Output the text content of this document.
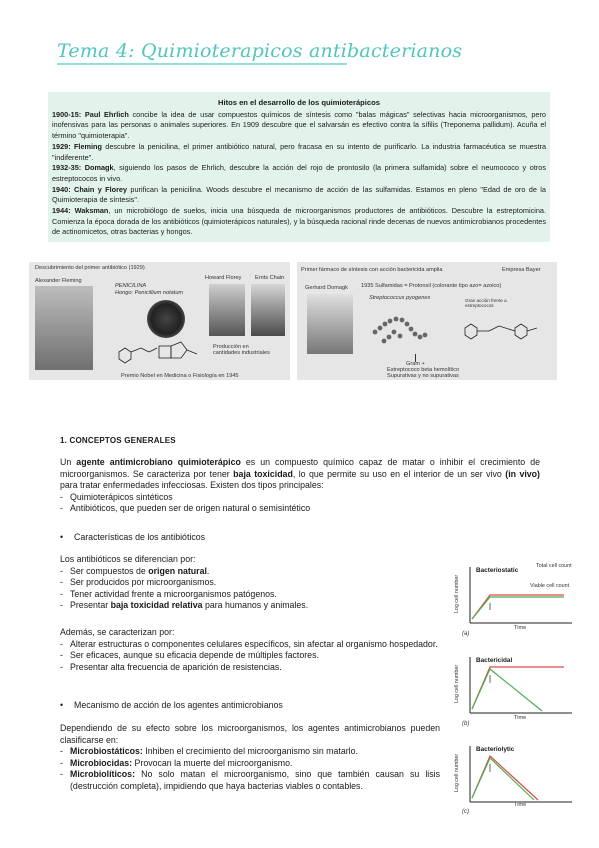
Tema 4: Quimioterapicos antibacterianos
Hitos en el desarrollo de los quimioterápicos

1900-15: Paul Ehrlich concibe la idea de usar compuestos químicos de síntesis como "balas mágicas" selectivas hacia microorganismos, pero inofensivas para las personas o animales superiores. En 1909 descubre que el salvarsán es efectivo contra la sífilis (Treponema pallidum). Acuña el término "quimioterapia".

1929: Fleming descubre la penicilina, el primer antibiótico natural, pero fracasa en su intento de purificarlo. La industria farmacéutica se muestra "indiferente".

1932-35: Domagk, siguiendo los pasos de Ehrlich, descubre la acción del rojo de prontosilo (la primera sulfamida) sobre el neumococo y otros estreptococos in vivo.

1940: Chain y Florey purifican la penicilina. Woods descubre el mecanismo de acción de las sulfamidas. Estamos en pleno "Edad de oro de la Quimioterapia de síntesis".

1944: Waksman, un microbiólogo de suelos, inicia una búsqueda de microorganismos productores de antibióticos. Descubre la estreptomicina. Comienza la época dorada de los antibióticos (quimioterápicos naturales), y la búsqueda racional rinde decenas de nuevos antimicrobianos procedentes de actinomicetos, otras bacterias y hongos.

Descubrimiento del primer antibiótico (1929)
Alexander Fleming
PENICILINA
Hongo: Penicillium notatum
Howard Florey Ernts Chain
Producción en cantidades industriales
Premio Nobel en Medicina o Fisiología en 1945
Primer fármaco de síntesis con acción bactericida amplia	Empresa Bayer
Gerhard Domagk 1935 Sulfamidas = Protonsil (colorante tipo azo= azoico)
Streptococcus pyogenes	Gran acción frente a estreptococos
Gram +
Estreptococo beta hemolítico
Supurativas y no supurativas
1. CONCEPTOS GENERALES
Un agente antimicrobiano quimioterápico es un compuesto químico capaz de matar o inhibir el crecimiento de microorganismos. Se caracteriza por tener baja toxicidad, lo que permite su uso en el interior de un ser vivo (in vivo) para tratar enfermedades infecciosas. Existen dos tipos principales:
- Quimioterápicos sintéticos
- Antibióticos, que pueden ser de origen natural o semisintético
• Características de los antibióticos
Los antibióticos se diferencian por:
- Ser compuestos de origen natural.
- Ser producidos por microorganismos.
- Tener actividad frente a microorganismos patógenos.
- Presentar baja toxicidad relativa para humanos y animales.
Además, se caracterizan por:
- Alterar estructuras o componentes celulares específicos, sin afectar al organismo hospedador.
- Ser eficaces, aunque su eficacia depende de múltiples factores.
- Presentar alta frecuencia de aparición de resistencias.
• Mecanismo de acción de los agentes antimicrobianos
Dependiendo de su efecto sobre los microorganismos, los agentes antimicrobianos pueden clasificarse en:
- Microbiostáticos: Inhiben el crecimiento del microorganismo sin matarlo.
- Microbiocidas: Provocan la muerte del microorganismo.
- Microbiolíticos: No solo matan el microorganismo, sino que también causan su lisis (destrucción completa), impidiendo que haya bacterias viables o contables.
Bacteriostatic
Total cell count
Viable cell count
Log cell number
Time
(a)
Bactericidal
Log cell number
Time
(b)
Bacteriolytic
Log cell number
Time
(c)
